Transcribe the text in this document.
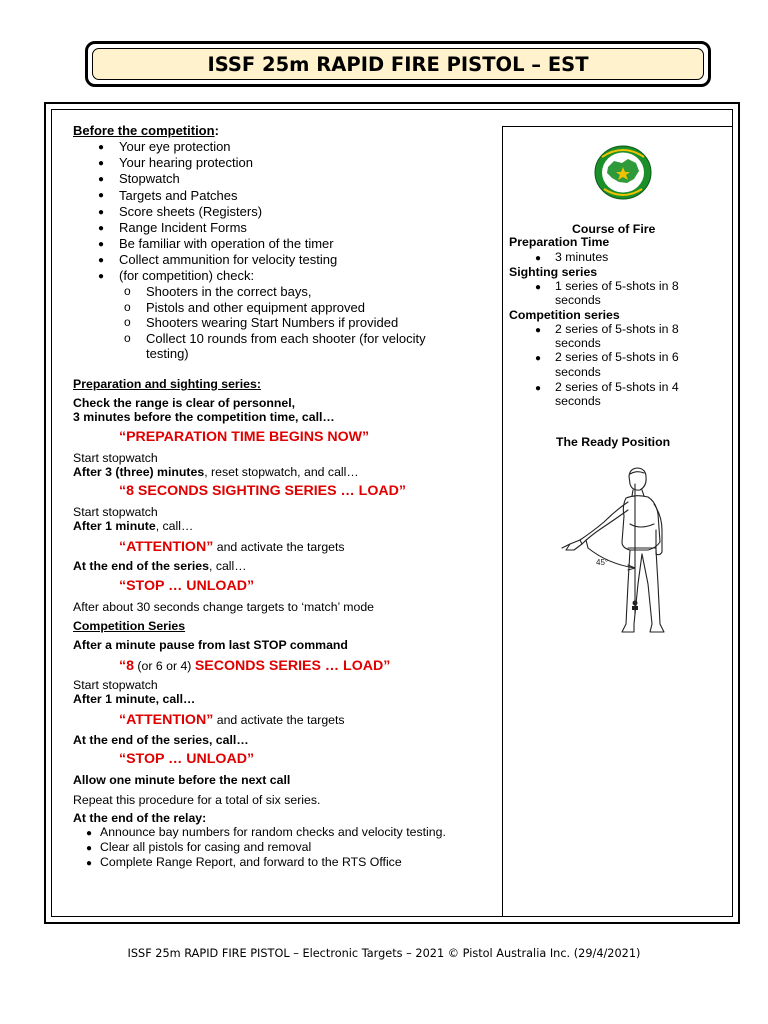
ISSF 25m RAPID FIRE PISTOL – EST
Before the competition:
● Your eye protection
● Your hearing protection
● Stopwatch
● Targets and Patches
● Score sheets (Registers)
● Range Incident Forms
● Be familiar with operation of the timer
● Collect ammunition for velocity testing
● (for competition) check:
o Shooters in the correct bays,
o Pistols and other equipment approved
o Shooters wearing Start Numbers if provided
o Collect 10 rounds from each shooter (for velocity
testing)
Preparation and sighting series:
Check the range is clear of personnel,
3 minutes before the competition time, call…
“PREPARATION TIME BEGINS NOW”
Start stopwatch
After 3 (three) minutes, reset stopwatch, and call…
“8 SECONDS SIGHTING SERIES … LOAD”
Start stopwatch
After 1 minute, call…
“ATTENTION” and activate the targets
At the end of the series, call…
“STOP … UNLOAD”
After about 30 seconds change targets to ‘match’ mode
Competition Series
After a minute pause from last STOP command
“8 (or 6 or 4) SECONDS SERIES … LOAD”
Start stopwatch
After 1 minute, call…
“ATTENTION” and activate the targets
At the end of the series, call…
“STOP … UNLOAD”
Allow one minute before the next call
Repeat this procedure for a total of six series.
At the end of the relay:
● Announce bay numbers for random checks and velocity testing.
● Clear all pistols for casing and removal
● Complete Range Report, and forward to the RTS Office
Course of Fire
Preparation Time
● 3 minutes
Sighting series
● 1 series of 5-shots in 8
seconds
Competition series
● 2 series of 5-shots in 8
seconds
● 2 series of 5-shots in 6
seconds
● 2 series of 5-shots in 4
seconds
The Ready Position
45°
ISSF 25m RAPID FIRE PISTOL – Electronic Targets – 2021 © Pistol Australia Inc. (29/4/2021)
